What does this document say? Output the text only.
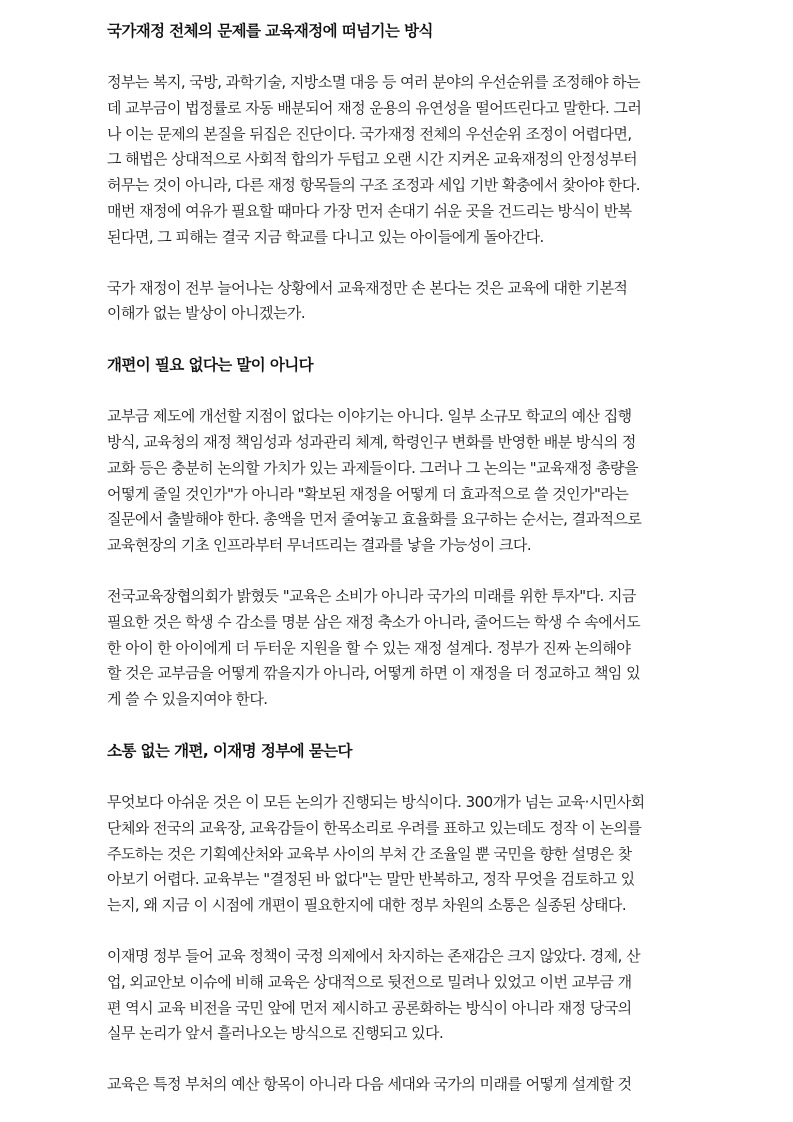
국가재정 전체의 문제를 교육재정에 떠넘기는 방식

정부는 복지, 국방, 과학기술, 지방소멸 대응 등 여러 분야의 우선순위를 조정해야 하는
데 교부금이 법정률로 자동 배분되어 재정 운용의 유연성을 떨어뜨린다고 말한다. 그러
나 이는 문제의 본질을 뒤집은 진단이다. 국가재정 전체의 우선순위 조정이 어렵다면,
그 해법은 상대적으로 사회적 합의가 두텁고 오랜 시간 지켜온 교육재정의 안정성부터
허무는 것이 아니라, 다른 재정 항목들의 구조 조정과 세입 기반 확충에서 찾아야 한다.
매번 재정에 여유가 필요할 때마다 가장 먼저 손대기 쉬운 곳을 건드리는 방식이 반복
된다면, 그 피해는 결국 지금 학교를 다니고 있는 아이들에게 돌아간다.

국가 재정이 전부 늘어나는 상황에서 교육재정만 손 본다는 것은 교육에 대한 기본적
이해가 없는 발상이 아니겠는가.

개편이 필요 없다는 말이 아니다

교부금 제도에 개선할 지점이 없다는 이야기는 아니다. 일부 소규모 학교의 예산 집행
방식, 교육청의 재정 책임성과 성과관리 체계, 학령인구 변화를 반영한 배분 방식의 정
교화 등은 충분히 논의할 가치가 있는 과제들이다. 그러나 그 논의는 "교육재정 총량을
어떻게 줄일 것인가"가 아니라 "확보된 재정을 어떻게 더 효과적으로 쓸 것인가"라는
질문에서 출발해야 한다. 총액을 먼저 줄여놓고 효율화를 요구하는 순서는, 결과적으로
교육현장의 기초 인프라부터 무너뜨리는 결과를 낳을 가능성이 크다.

전국교육장협의회가 밝혔듯 "교육은 소비가 아니라 국가의 미래를 위한 투자"다. 지금
필요한 것은 학생 수 감소를 명분 삼은 재정 축소가 아니라, 줄어드는 학생 수 속에서도
한 아이 한 아이에게 더 두터운 지원을 할 수 있는 재정 설계다. 정부가 진짜 논의해야
할 것은 교부금을 어떻게 깎을지가 아니라, 어떻게 하면 이 재정을 더 정교하고 책임 있
게 쓸 수 있을지여야 한다.

소통 없는 개편, 이재명 정부에 묻는다

무엇보다 아쉬운 것은 이 모든 논의가 진행되는 방식이다. 300개가 넘는 교육·시민사회
단체와 전국의 교육장, 교육감들이 한목소리로 우려를 표하고 있는데도 정작 이 논의를
주도하는 것은 기획예산처와 교육부 사이의 부처 간 조율일 뿐 국민을 향한 설명은 찾
아보기 어렵다. 교육부는 "결정된 바 없다"는 말만 반복하고, 정작 무엇을 검토하고 있
는지, 왜 지금 이 시점에 개편이 필요한지에 대한 정부 차원의 소통은 실종된 상태다.

이재명 정부 들어 교육 정책이 국정 의제에서 차지하는 존재감은 크지 않았다. 경제, 산
업, 외교안보 이슈에 비해 교육은 상대적으로 뒷전으로 밀려나 있었고 이번 교부금 개
편 역시 교육 비전을 국민 앞에 먼저 제시하고 공론화하는 방식이 아니라 재정 당국의
실무 논리가 앞서 흘러나오는 방식으로 진행되고 있다.

교육은 특정 부처의 예산 항목이 아니라 다음 세대와 국가의 미래를 어떻게 설계할 것
